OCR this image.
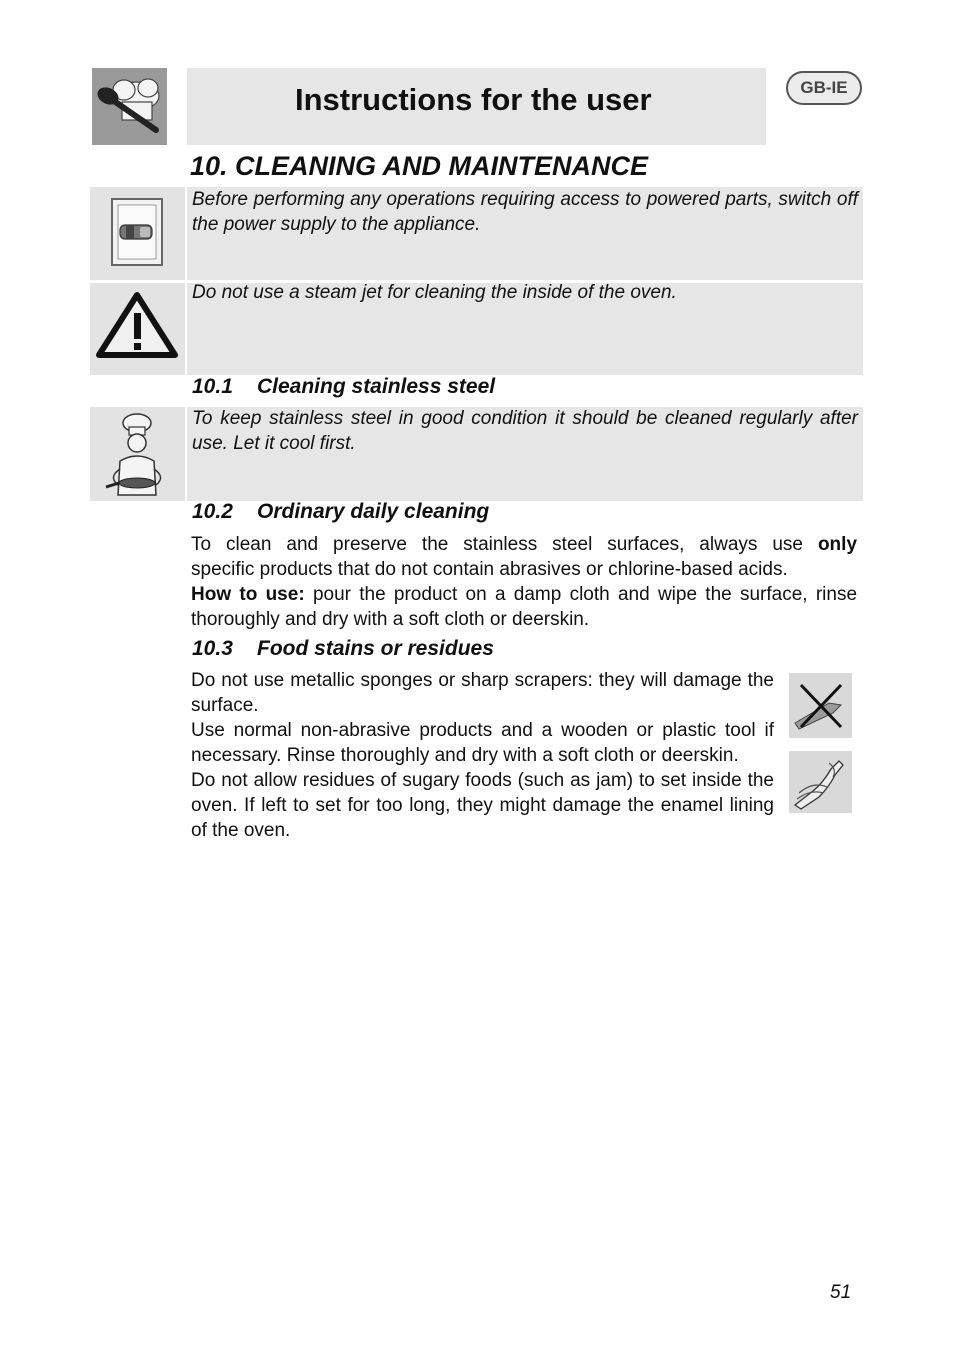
Instructions for the user	GB-IE
10. CLEANING AND MAINTENANCE
Before performing any operations requiring access to powered parts, switch off the power supply to the appliance.
Do not use a steam jet for cleaning the inside of the oven.
10.1 Cleaning stainless steel
To keep stainless steel in good condition it should be cleaned regularly after use. Let it cool first.
10.2 Ordinary daily cleaning

To clean and preserve the stainless steel surfaces, always use only

specific products that do not contain abrasives or chlorine-based acids.

How to use: pour the product on a damp cloth and wipe the surface, rinse thoroughly and dry with a soft cloth or deerskin.

10.3 Food stains or residues

Do not use metallic sponges or sharp scrapers: they will damage the surface.

Use normal non-abrasive products and a wooden or plastic tool if necessary. Rinse thoroughly and dry with a soft cloth or deerskin.

Do not allow residues of sugary foods (such as jam) to set inside the oven. If left to set for too long, they might damage the enamel lining of the oven.

51
